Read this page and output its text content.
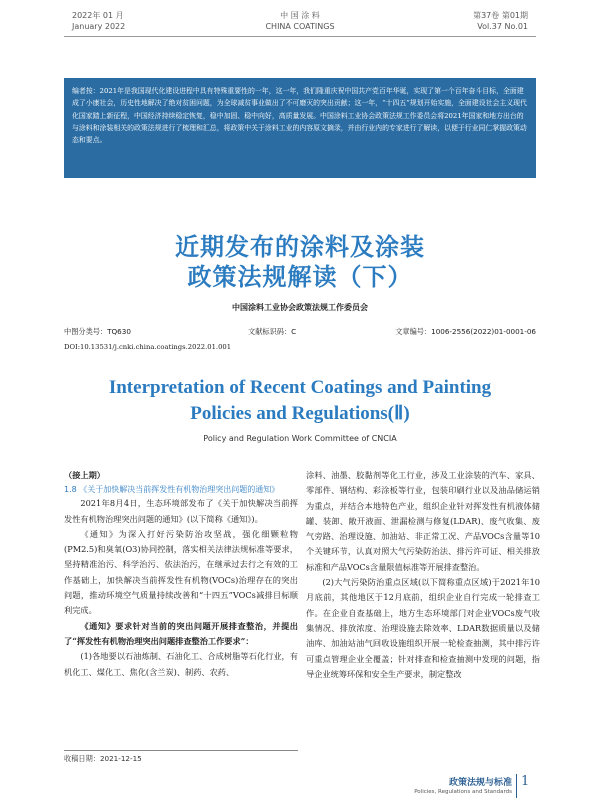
2022年 01 月
January 2022
中 国 涂 料
CHINA COATINGS
第37卷 第01期
Vol.37 No.01
编者按：2021年是我国现代化建设进程中具有特殊重要性的一年，这一年，我们隆重庆祝中国共产党百年华诞，实现了第一个百年奋斗目标，全面建成了小康社会，历史性地解决了绝对贫困问题，为全球减贫事业做出了不可磨灭的突出贡献；这一年，“十四五”规划开始实施，全面建设社会主义现代化国家踏上新征程，中国经济持续稳定恢复，稳中加固、稳中向好，高质量发展。中国涂料工业协会政策法规工作委员会将2021年国家和地方出台的与涂料和涂装相关的政策法规进行了梳理和汇总，将政策中关于涂料工业的内容原文摘录，并由行业内的专家进行了解读，以便于行业同仁掌握政策动态和要点。
近期发布的涂料及涂装
政策法规解读（下）
中国涂料工业协会政策法规工作委员会
中图分类号：TQ630	文献标识码：C	文章编号：1006-2556(2022)01-0001-06
DOI:10.13531/j.cnki.china.coatings.2022.01.001
Interpretation of Recent Coatings and Painting
Policies and Regulations(Ⅱ)
Policy and Regulation Work Committee of CNCIA

（接上期）

1.8 《关于加快解决当前挥发性有机物治理突出问题的通知》

2021年8月4日，生态环境部发布了《关于加快解决当前挥发性有机物治理突出问题的通知》(以下简称《通知》)。

《通知》为深入打好污染防治攻坚战，强化细颗粒物(PM2.5)和臭氧(O3)协同控制，落实相关法律法规标准等要求，坚持精准治污、科学治污、依法治污，在继承过去行之有效的工作基础上，加快解决当前挥发性有机物(VOCs)治理存在的突出问题，推动环境空气质量持续改善和“十四五”VOCs减排目标顺利完成。

《通知》要求针对当前的突出问题开展排查整治，并提出了“挥发性有机物治理突出问题排查整治工作要求”：

(1)各地要以石油炼制、石油化工、合成树脂等石化行业，有机化工、煤化工、焦化(含兰炭)、制药、农药、

涂料、油墨、胶黏剂等化工行业，涉及工业涂装的汽车、家具、零部件、钢结构、彩涂板等行业，包装印刷行业以及油品储运销为重点，并结合本地特色产业，组织企业针对挥发性有机液体储罐、装卸、敞开液面、泄漏检测与修复(LDAR)、废气收集、废气旁路、治理设施、加油站、非正常工况、产品VOCs含量等10个关键环节，认真对照大气污染防治法、排污许可证、相关排放标准和产品VOCs含量限值标准等开展排查整治。

(2)大气污染防治重点区域(以下简称重点区域)于2021年10月底前，其他地区于12月底前，组织企业自行完成一轮排查工作。在企业自查基础上，地方生态环境部门对企业VOCs废气收集情况、排放浓度、治理设施去除效率、LDAR数据质量以及储油库、加油站油气回收设施组织开展一轮检查抽测，其中排污许可重点管理企业全覆盖；针对排查和检查抽测中发现的问题，指导企业统筹环保和安全生产要求，制定整改

收稿日期：2021-12-15
政策法规与标准
Policies, Regulations and Standards
1
